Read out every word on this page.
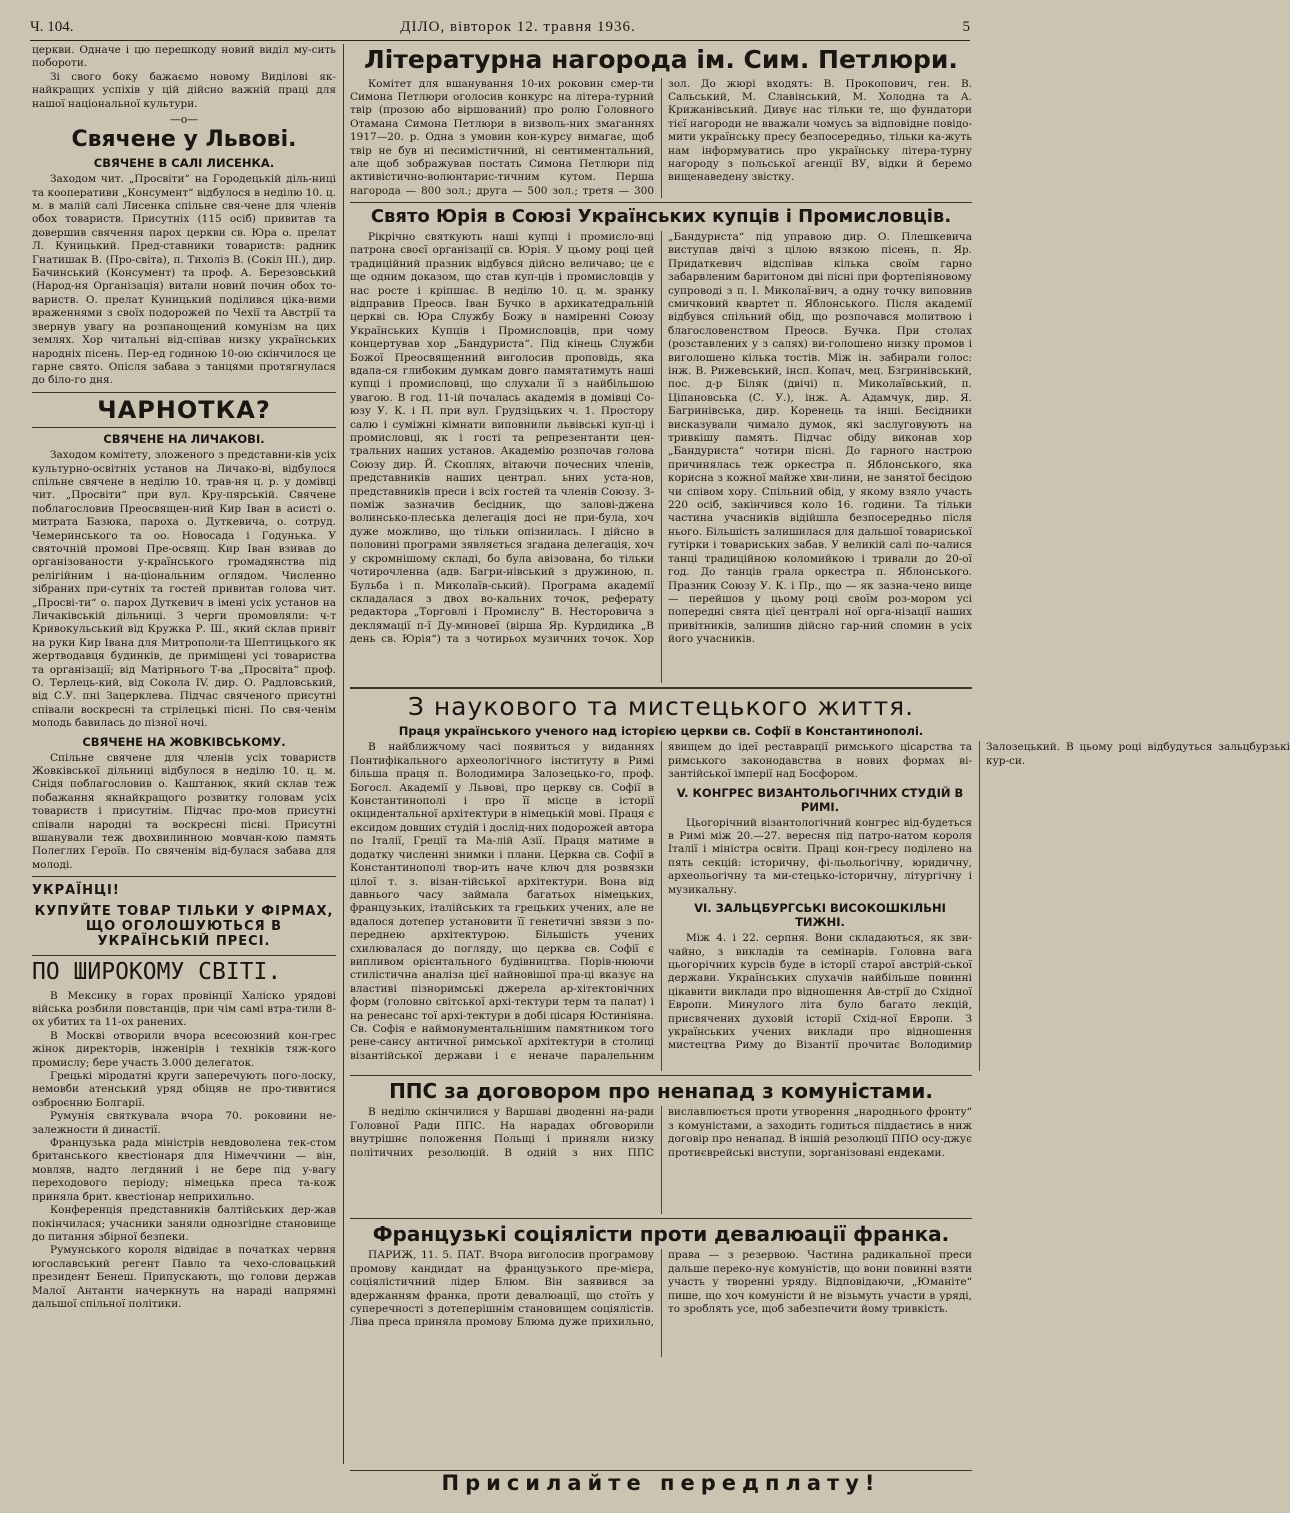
Ч. 104.	ДІЛО, вівторок 12. травня 1936.	5

церкви. Одначе і цю перешкоду новий виділ му-сить побороти.

Зі свого боку бажаємо новому Виділові як-найкращих успіхів у цій дійсно важній праці для нашої національної культури.

—о—
Свячене у Львові.
СВЯЧЕНЕ В САЛІ ЛИСЕНКА.

Заходом чит. „Просвіти“ на Городецькій діль-ниці та кооперативи „Консумент“ відбулося в неділю 10. ц. м. в малій салі Лисенка спільне свя-чене для членів обох товариств. Присутніх (115 осіб) привитав та довершив свячення парох церкви св. Юра о. прелат Л. Куницький. Пред-ставники товариств: радник Гнатишак В. (Про-світа), п. Тихоліз В. (Сокіл ІІІ.), дир. Бачинський (Консумент) та проф. А. Березовський (Народ-ня Організація) витали новий почин обох то-вариств. О. прелат Куницький поділився ціка-вими враженнями з своїх подорожей по Чехії та Австрії та звернув увагу на розпанощений комунізм на цих землях. Хор читальні від-співав низку українських народніх пісень. Пер-ед годиною 10-ою скінчилося це гарне свято. Опісля забава з танцями протягнулася до біло-го дня.

ЧАРНОТКА?
СВЯЧЕНЕ НА ЛИЧАКОВІ.

Заходом комітету, зложеного з представни-ків усіх культурно-освітніх установ на Личако-ві, відбулося спільне свячене в неділю 10. трав-ня ц. р. у домівці чит. „Просвіти“ при вул. Кру-пярській. Свячене поблагословив Преосвящен-ний Кир Іван в асисті о. митрата Базюка, пароха о. Дуткевича, о. сотруд. Чемеринського та оо. Новосада і Годунька. У святочній промові Пре-освящ. Кир Іван взивав до організованости у-країнського громадянства під релігійним і на-ціональним оглядом. Численно зібраних при-сутніх та гостей привитав голова чит. „Просві-ти“ о. парох Дуткевич в імені усіх установ на Личаківській дільниці. З черги промовляли: ч-т Кривокульський від Кружка Р. Ш., який склав привіт на руки Кир Івана для Митрополи-та Шептицького як жертводавця будинків, де приміщені усі товариства та організації; від Матірнього Т-ва „Просвіта“ проф. О. Терлець-кий, від Сокола IV. дир. О. Радловський, від С.У. пні Зацерклева. Підчас свяченого присутні співали воскресні та стрілецькі пісні. По свя-ченім молодь бавилась до пізної ночі.

СВЯЧЕНЕ НА ЖОВКІВСЬКОМУ.

Спільне свячене для членів усіх товариств Жовківської дільниці відбулося в неділю 10. ц. м. Снідя поблагословив о. Каштанюк, який склав теж побажання якнайкращого розвитку головам усіх товариств і присутнім. Підчас про-мов присутні співали народні та воскресні пісні. Присутні вшанували теж двохвилинною мовчан-кою память Полеглих Героїв. По свяченім від-булася забава для молоді.

УКРАЇНЦІ!
КУПУЙТЕ ТОВАР ТІЛЬКИ У ФІРМАХ, ЩО ОГОЛОШУЮТЬСЯ В УКРАЇНСЬКІЙ ПРЕСІ.
ПО ШИРОКОМУ СВІТІ.

В Мексику в горах провінції Халіско урядові війська розбили повстанців, при чім самі втра-тили 8-ох убитих та 11-ох ранених.

В Москві отворили вчора всесоюзний кон-грес жінок директорів, інженірів і техніків тяж-кого промислу; бере участь 3.000 делегаток.

Грецькі міродатні круги заперечують пого-лоску, немовби атенський уряд обіцяв не про-тивитися озброєнню Болгарії.

Румунія святкувала вчора 70. роковини не-залежности й династії.

Французька рада міністрів невдоволена тек-стом британського квестіонаря для Німеччини — він, мовляв, надто легдяний і не бере під у-вагу переходового періоду; німецька преса та-кож приняла брит. квестіонар неприхильно.

Конференція представників балтійських дер-жав покінчилася; учасники заняли однозгідне становище до питання збірної безпеки.

Румунського короля відвідає в початках червня югославський регент Павло та чехо-словацький президент Бенеш. Припускають, що голови держав Малої Антанти начеркнуть на нараді напрямні дальшої спільної політики.

Літературна нагорода ім. Сим. Петлюри.

Комітет для вшанування 10-их роковин смер-ти Симона Петлюри оголосив конкурс на літера-турний твір (прозою або віршований) про ролю Головного Отамана Симона Петлюри в визволь-них змаганнях 1917—20. р. Одна з умовин кон-курсу вимагає, щоб твір не був ні песимістичний, ні сентиментальний, але щоб зображував постать Симона Петлюри під активістично-волюнтарис-тичним кутом. Перша нагорода — 800 зол.; друга — 500 зол.; третя — 300 зол. До жюрі входять: В. Прокопович, ген. В. Сальський, М. Славінський, М. Холодна та А. Крижанівський. Дивує нас тільки те, що фундатори тієї нагороди не вважали чомусь за відповідне повідо-мити українську пресу безпосередньо, тільки ка-жуть нам інформуватись про українську літера-турну нагороду з польської агенції ВУ, відки й беремо вищенаведену звістку.

Свято Юрія в Союзі Українських купців і Промисловців.

Рікрічно святкують наші купці і промисло-вці патрона своєї організації св. Юрія. У цьому році цей традиційний празник відбувся дійсно величаво; це є ще одним доказом, що став куп-ців і промисловців у нас росте і кріпшає. В неділю 10. ц. м. зранку відправив Преосв. Іван Бучко в архикатедральній церкві св. Юра Службу Божу в наміренні Союзу Українських Купців і Промисловців, при чому концертував хор „Бандуриста“. Під кінець Служби Божої Преосвященний виголосив проповідь, яка вдала-ся глибоким думкам довго памятатимуть наші купці і промисловці, що слухали її з найбільшою увагою. В год. 11-ій почалась академія в домівці Со-юзу У. К. і П. при вул. Грудзіцьких ч. 1. Простору салю і суміжні кімнати виповнили львівські куп-ці і промисловці, як і гості та репрезентанти цен-тральних наших установ. Академію розпочав голова Союзу дир. Й. Скоплях, вітаючи почесних членів, представників наших централ. ьних уста-нов, представників преси і всіх гостей та членів Союзу. З-поміж зазначив бесідник, що залові-джена волинсько-плеська делегація досі не при-була, хоч дуже можливо, що тільки опізнилась. І дійсно в половині програми зявляється згадана делегація, хоч у скромнішому складі, бо була авізована, бо тільки чотирочленна (адв. Багри-нівський з дружиною, п. Бульба і п. Миколаїв-ський). Програма академії складалася з двох во-кальних точок, реферату редактора „Торговлі і Промислу“ В. Несторовича з деклямації п-ї Ду-миновеї (вірша Яр. Курдидика „В день св. Юрія“) та з чотирьох музичних точок. Хор „Бандуриста“ під управою дир. О. Плешкевича виступав двічі з цілою вязкою пісень, п. Яр. Придаткевич відспівав кілька своїм гарно забарвленим баритоном дві пісні при фортепіяновому супроводі з п. І. Миколаї-вич, а одну точку виповнив смичковий квартет п. Яблонського. Після академії відбувся спільний обід, що розпочався молитвою і благословенством Преосв. Бучка. При столах (розставлених у з салях) ви-голошено низку промов і виголошено кілька тостів. Між ін. забирали голос: інж. В. Рижевський, інсп. Копач, мец. Бзгринівський, пос. д-р Біляк (двічі) п. Миколаївський, п. Ціпановська (С. У.), інж. А. Адамчук, дир. Я. Багринівська, дир. Коренець та інші. Бесідники висказували чимало думок, які заслуговують на тривкішу память. Підчас обіду виконав хор „Бандуриста“ чотири пісні. До гарного настрою причинялась теж оркестра п. Яблонського, яка корисна з кожної майже хви-лини, не занятої бесідою чи співом хору. Спільний обід, у якому взяло участь 220 осіб, закінчився коло 16. години. Та тільки частина учасників відійшла безпосередньо після нього. Більшість залишилася для дальшої товариської гутірки і товариських забав. У великій салі по-чалися танці традиційною коломийкою і тривали до 20-ої год. До танців грала оркестра п. Яблонського. Празник Союзу У. К. і Пр., що — як зазна-чено вище — перейшов у цьому році своїм роз-мором усі попередні свята цієї централі ної орга-нізації наших привітників, залишив дійсно гар-ний спомин в усіх його учасників.

З наукового та мистецького життя.
Праця українського ученого над історією церкви св. Софії в Константинополі.

В найближчому часі появиться у виданнях Понтифікального археологічного інституту в Римі більша праця п. Володимира Залозецько-го, проф. Богосл. Академії у Львові, про церкву св. Софії в Константинополі і про її місце в історії окцидентальної архітектури в німецькій мові. Праця є ексидом довших студій і дослід-них подорожей автора по Італії, Греції та Ма-лій Азії. Праця матиме в додатку численні знимки і плани. Церква св. Софії в Константинополі твор-ить наче ключ для розвязки цілої т. з. візан-тійської архітектури. Вона від давнього часу займала багатьох німецьких, французьких, італійських та грецьких учених, але не вдалося дотепер установити її генетичні звязи з по-переднею архітектурою. Більшість учених схилювалася до погляду, що церква св. Софії є випливом орієнтального будівництва. Порів-нюючи стилістична аналіза цієї найновішої пра-ці вказує на властиві пізноримські джерела ар-хітектонічних форм (головно світської архі-тектури терм та палат) і на ренесанс тої архі-тектури в добі цісаря Юстиніяна. Св. Софія е наймонументальнішим памятником того рене-сансу античної римської архітектури в столиці візантійської держави і є неначе паралельним явищем до ідеї реставрації римського цісарства та римського законодавства в нових формах ві-зантійської імперії над Босфором.

V. КОНГРЕС ВИЗАНТОЛЬОГІЧНИХ СТУДІЙ В РИМІ.

Цьогорічний візантологічний конгрес від-будеться в Римі між 20.—27. вересня під патро-натом короля Італії і міністра освіти. Праці кон-гресу поділено на пять секцій: історичну, фі-льольогічну, юридичну, археольогічну та ми-стецько-історичну, літургічну і музикальну.

VI. ЗАЛЬЦБУРГСЬКІ ВИСОКОШКІЛЬНІ ТИЖНІ.

Між 4. і 22. серпня. Вони складаються, як зви-чайно, з викладів та семінарів. Головна вага цьогорічних курсів буде в історії старої австрій-ської держави. Українських слухачів найбільше повинні цікавити виклади про відношення Ав-стрії до Східної Европи. Минулого літа було багато лекцій, присвячених духовій історії Схід-ної Европи. З українських учених виклади про відношення мистецтва Риму до Візантії прочитає Володимир Залозецький. В цьому році відбудуться зальцбурзькі кур-си.

ППС за договором про ненапад з комуністами.

В неділю скінчилися у Варшаві дводенні на-ради Головної Ради ППС. На нарадах обговорили внутрішнє положення Польщі і приняли низку політичних резолюцій. В одній з них ППС виславлюється проти утворення „народнього фронту“ з комуністами, а заходить годиться піддаєтись в ниж договір про ненапад. В іншій резолюції ППО осу-джує протиєврейські виступи, зорганізовані ендеками.

Французькі соціялісти проти девалюації франка.

ПАРИЖ, 11. 5. ПАТ. Вчора виголосив програмову промову кандидат на французького пре-мієра, соціялістичний лідер Блюм. Він заявився за вдержанням франка, проти девалюації, що стоїть у суперечності з дотеперішнім становищем соціялістів. Ліва преса приняла промову Блюма дуже прихильно, права — з резервою. Частина радикальної преси дальше переко-нує комуністів, що вони повинні взяти участь у творенні уряду. Відповідаючи, „Юманіте“ пише, що хоч комуністи й не візьмуть участи в уряді, то зроблять усе, щоб забезпечити йому тривкість.

Присилайте передплату!
